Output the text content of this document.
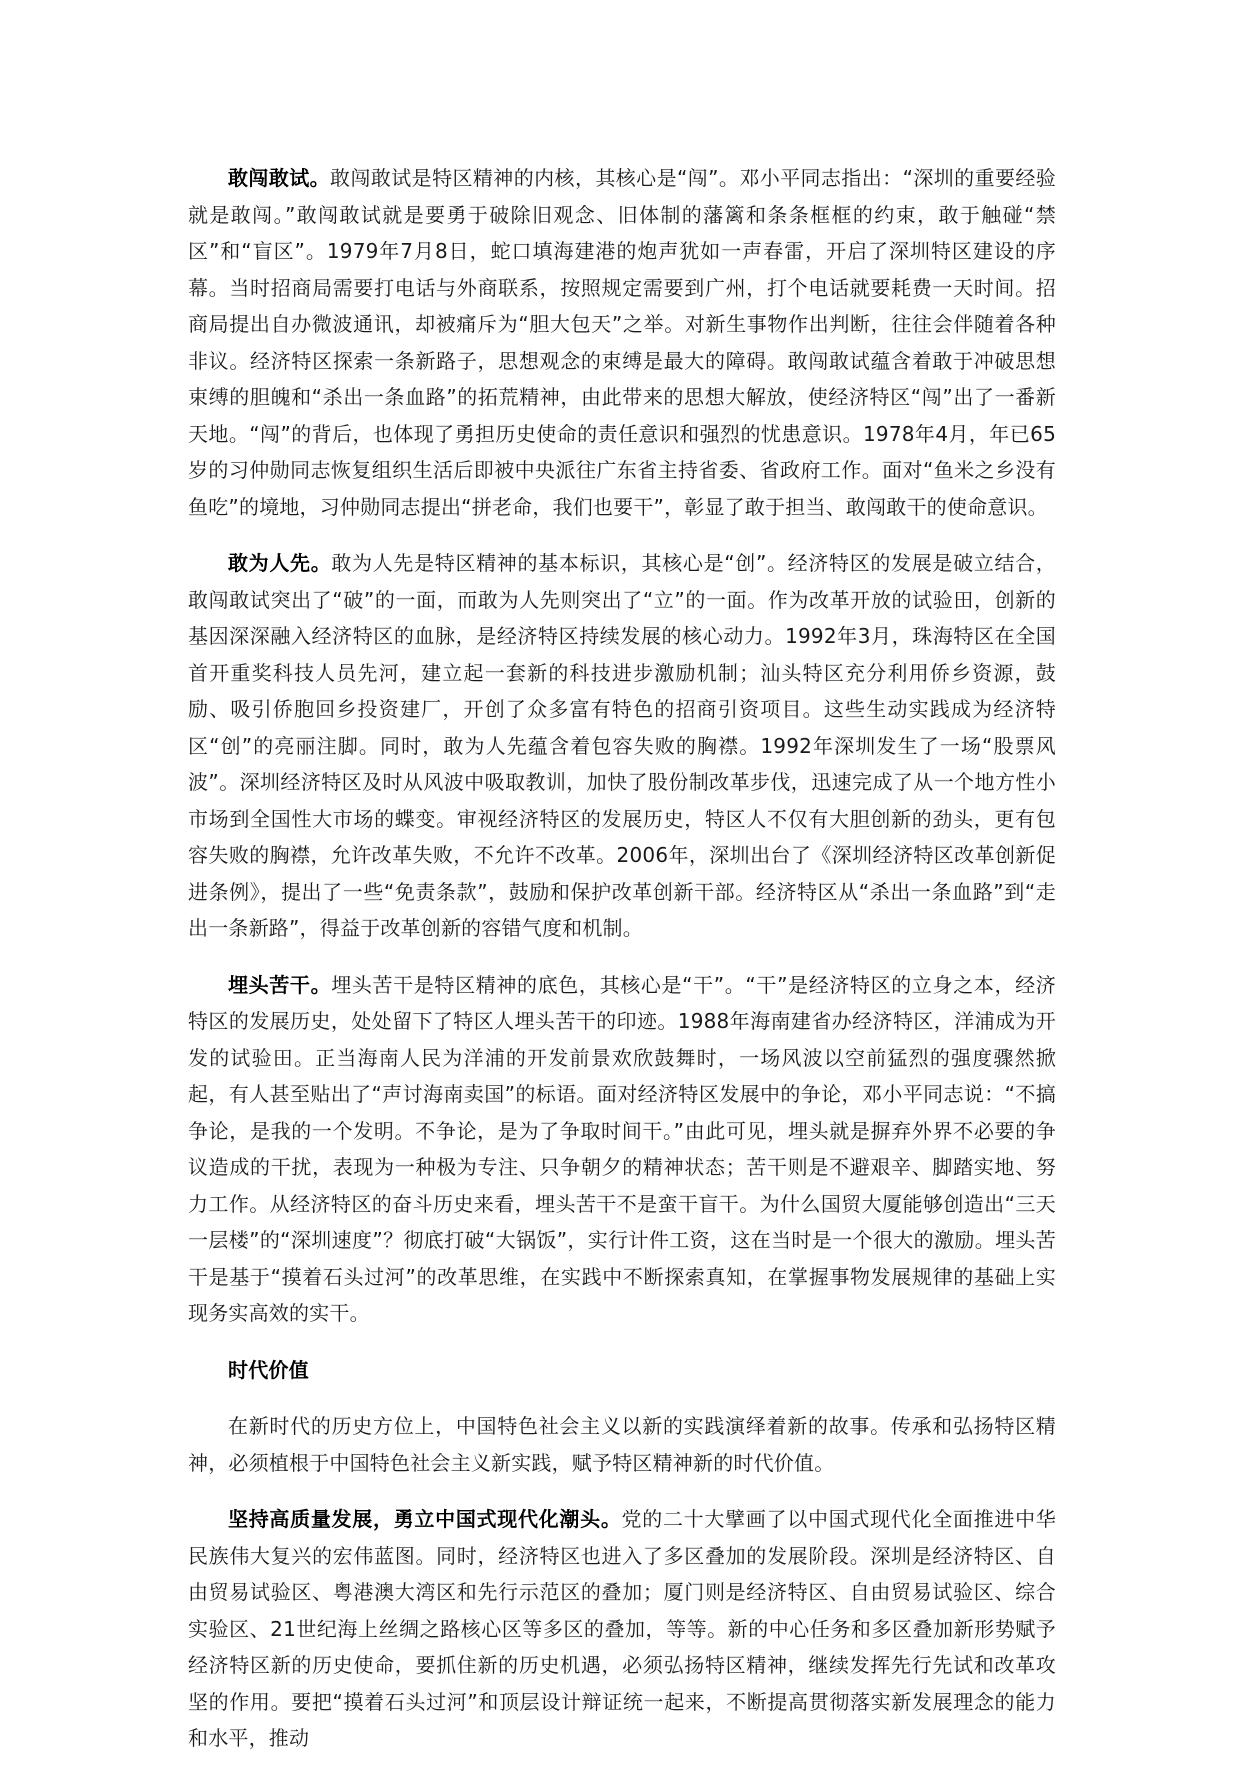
敢闯敢试。敢闯敢试是特区精神的内核，其核心是“闯”。邓小平同志指出：“深圳的重要经验就是敢闯。”敢闯敢试就是要勇于破除旧观念、旧体制的藩篱和条条框框的约束，敢于触碰“禁区”和“盲区”。1979年7月8日，蛇口填海建港的炮声犹如一声春雷，开启了深圳特区建设的序幕。当时招商局需要打电话与外商联系，按照规定需要到广州，打个电话就要耗费一天时间。招商局提出自办微波通讯，却被痛斥为“胆大包天”之举。对新生事物作出判断，往往会伴随着各种非议。经济特区探索一条新路子，思想观念的束缚是最大的障碍。敢闯敢试蕴含着敢于冲破思想束缚的胆魄和“杀出一条血路”的拓荒精神，由此带来的思想大解放，使经济特区“闯”出了一番新天地。“闯”的背后，也体现了勇担历史使命的责任意识和强烈的忧患意识。1978年4月，年已65岁的习仲勋同志恢复组织生活后即被中央派往广东省主持省委、省政府工作。面对“鱼米之乡没有鱼吃”的境地，习仲勋同志提出“拼老命，我们也要干”，彰显了敢于担当、敢闯敢干的使命意识。

敢为人先。敢为人先是特区精神的基本标识，其核心是“创”。经济特区的发展是破立结合，敢闯敢试突出了“破”的一面，而敢为人先则突出了“立”的一面。作为改革开放的试验田，创新的基因深深融入经济特区的血脉，是经济特区持续发展的核心动力。1992年3月，珠海特区在全国首开重奖科技人员先河，建立起一套新的科技进步激励机制；汕头特区充分利用侨乡资源，鼓励、吸引侨胞回乡投资建厂，开创了众多富有特色的招商引资项目。这些生动实践成为经济特区“创”的亮丽注脚。同时，敢为人先蕴含着包容失败的胸襟。1992年深圳发生了一场“股票风波”。深圳经济特区及时从风波中吸取教训，加快了股份制改革步伐，迅速完成了从一个地方性小市场到全国性大市场的蝶变。审视经济特区的发展历史，特区人不仅有大胆创新的劲头，更有包容失败的胸襟，允许改革失败，不允许不改革。2006年，深圳出台了《深圳经济特区改革创新促进条例》，提出了一些“免责条款”，鼓励和保护改革创新干部。经济特区从“杀出一条血路”到“走出一条新路”，得益于改革创新的容错气度和机制。

埋头苦干。埋头苦干是特区精神的底色，其核心是“干”。“干”是经济特区的立身之本，经济特区的发展历史，处处留下了特区人埋头苦干的印迹。1988年海南建省办经济特区，洋浦成为开发的试验田。正当海南人民为洋浦的开发前景欢欣鼓舞时，一场风波以空前猛烈的强度骤然掀起，有人甚至贴出了“声讨海南卖国”的标语。面对经济特区发展中的争论，邓小平同志说：“不搞争论，是我的一个发明。不争论，是为了争取时间干。”由此可见，埋头就是摒弃外界不必要的争议造成的干扰，表现为一种极为专注、只争朝夕的精神状态；苦干则是不避艰辛、脚踏实地、努力工作。从经济特区的奋斗历史来看，埋头苦干不是蛮干盲干。为什么国贸大厦能够创造出“三天一层楼”的“深圳速度”？彻底打破“大锅饭”，实行计件工资，这在当时是一个很大的激励。埋头苦干是基于“摸着石头过河”的改革思维，在实践中不断探索真知，在掌握事物发展规律的基础上实现务实高效的实干。

时代价值

在新时代的历史方位上，中国特色社会主义以新的实践演绎着新的故事。传承和弘扬特区精神，必须植根于中国特色社会主义新实践，赋予特区精神新的时代价值。

坚持高质量发展，勇立中国式现代化潮头。党的二十大擘画了以中国式现代化全面推进中华民族伟大复兴的宏伟蓝图。同时，经济特区也进入了多区叠加的发展阶段。深圳是经济特区、自由贸易试验区、粤港澳大湾区和先行示范区的叠加；厦门则是经济特区、自由贸易试验区、综合实验区、21世纪海上丝绸之路核心区等多区的叠加，等等。新的中心任务和多区叠加新形势赋予经济特区新的历史使命，要抓住新的历史机遇，必须弘扬特区精神，继续发挥先行先试和改革攻坚的作用。要把“摸着石头过河”和顶层设计辩证统一起来，不断提高贯彻落实新发展理念的能力和水平，推动
